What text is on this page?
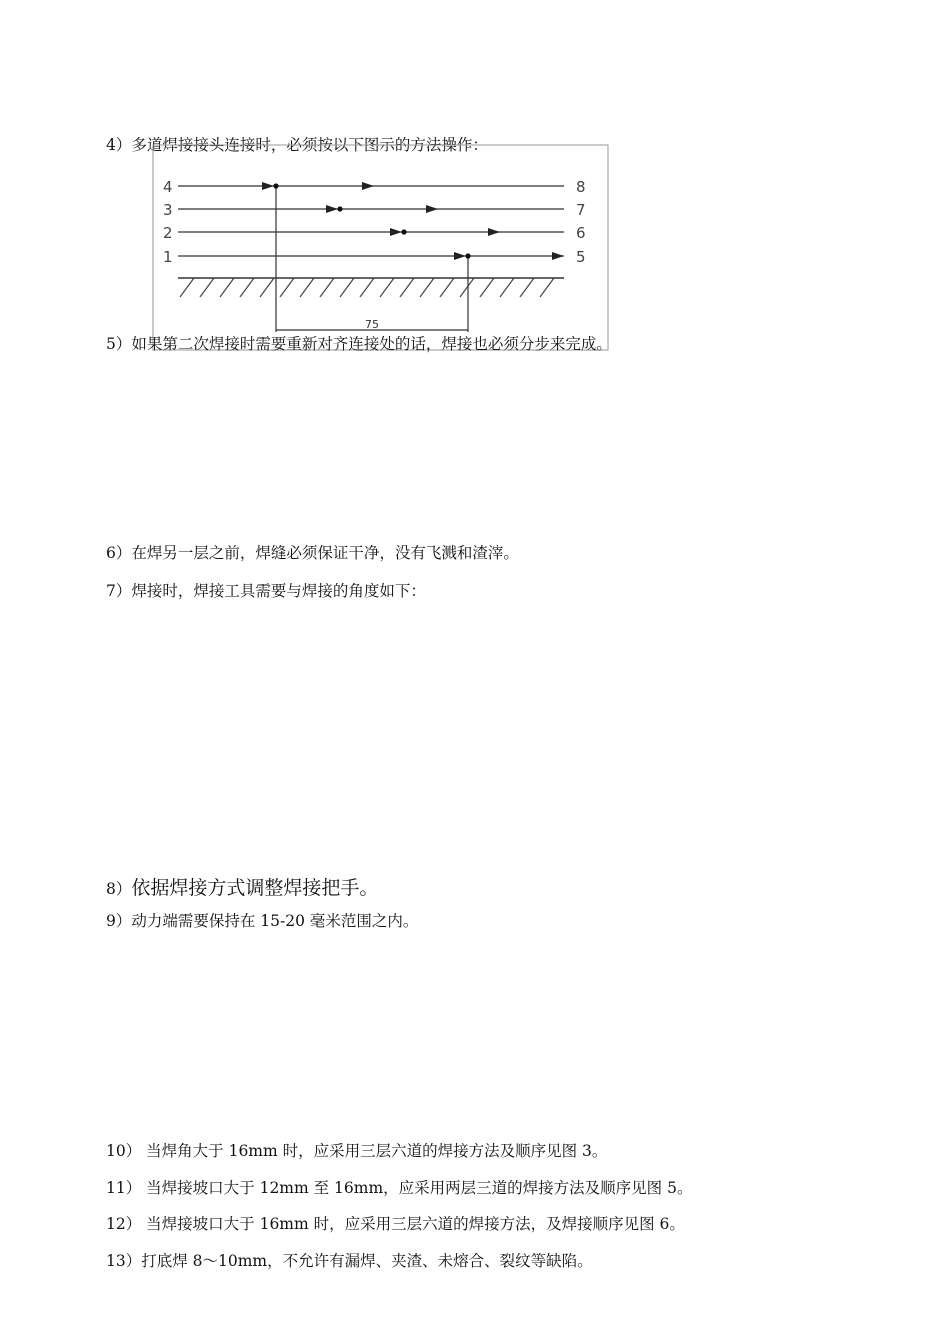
4）多道焊接接头连接时，必须按以下图示的方法操作：
75
4
3
2
1
8
7
6
5
5）如果第二次焊接时需要重新对齐连接处的话，焊接也必须分步来完成。
6）在焊另一层之前，焊缝必须保证干净，没有飞溅和渣滓。
7）焊接时，焊接工具需要与焊接的角度如下：
8）依据焊接方式调整焊接把手。
9）动力端需要保持在 15-20 毫米范围之内。
10） 当焊角大于 16mm 时，应采用三层六道的焊接方法及顺序见图 3。
11） 当焊接坡口大于 12mm 至 16mm，应采用两层三道的焊接方法及顺序见图 5。
12） 当焊接坡口大于 16mm 时，应采用三层六道的焊接方法，及焊接顺序见图 6。
13）打底焊 8～10mm，不允许有漏焊、夹渣、未熔合、裂纹等缺陷。
